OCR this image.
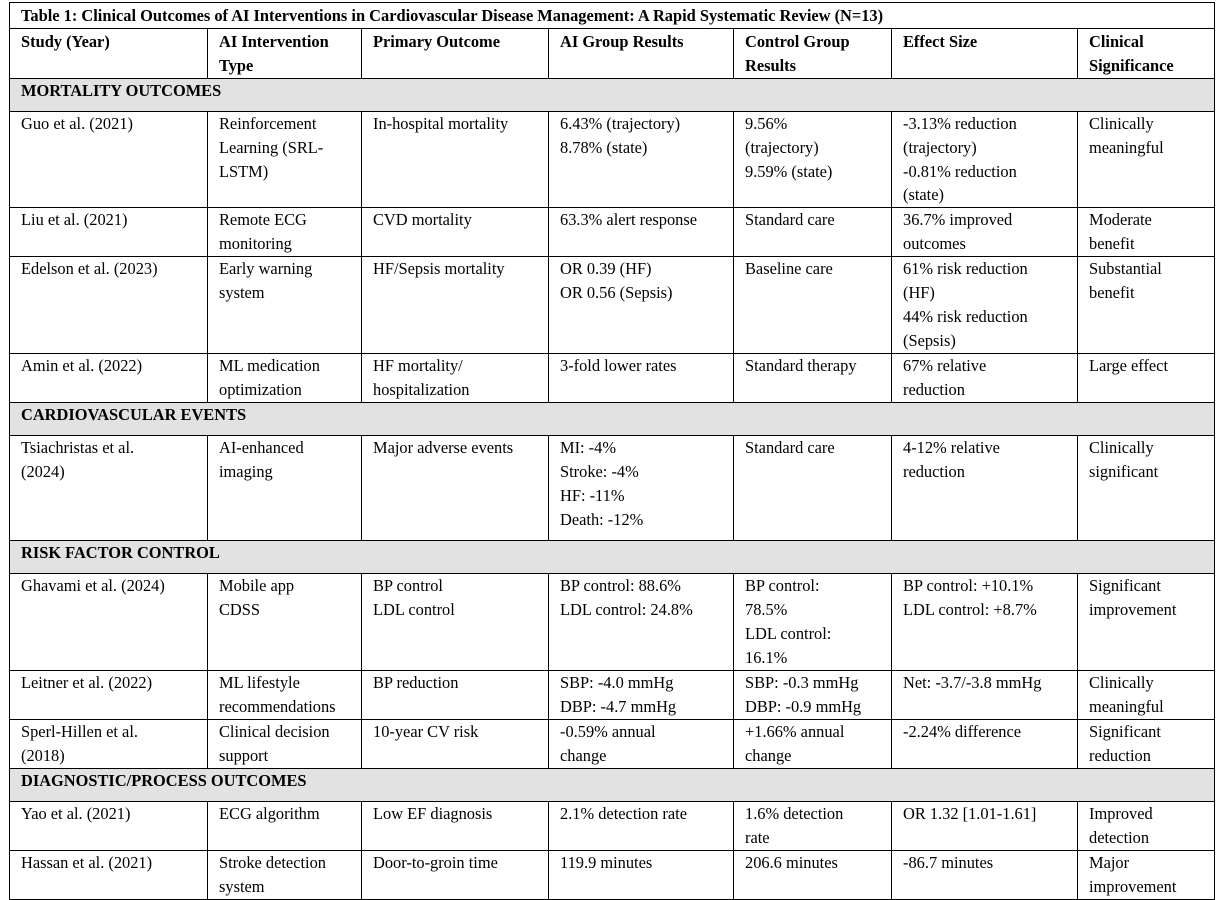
Table 1: Clinical Outcomes of AI Interventions in Cardiovascular Disease Management: A Rapid Systematic Review (N=13)						

Study (Year)	AI Intervention
Type	Primary Outcome	AI Group Results	Control Group
Results	Effect Size	Clinical
Significance

MORTALITY OUTCOMES						

Guo et al. (2021)	Reinforcement
Learning (SRL-
LSTM)	In-hospital mortality	6.43% (trajectory)
8.78% (state)	9.56%
(trajectory)
9.59% (state)	-3.13% reduction
(trajectory)
-0.81% reduction
(state)	Clinically
meaningful

Liu et al. (2021)	Remote ECG
monitoring	CVD mortality	63.3% alert response	Standard care	36.7% improved
outcomes	Moderate
benefit

Edelson et al. (2023)	Early warning
system	HF/Sepsis mortality	OR 0.39 (HF)
OR 0.56 (Sepsis)	Baseline care	61% risk reduction
(HF)
44% risk reduction
(Sepsis)	Substantial
benefit

Amin et al. (2022)	ML medication
optimization	HF mortality/
hospitalization	3-fold lower rates	Standard therapy	67% relative
reduction	Large effect

CARDIOVASCULAR EVENTS						

Tsiachristas et al.
(2024)	AI-enhanced
imaging	Major adverse events	MI: -4%
Stroke: -4%
HF: -11%
Death: -12%	Standard care	4-12% relative
reduction	Clinically
significant

RISK FACTOR CONTROL						

Ghavami et al. (2024)	Mobile app
CDSS	BP control
LDL control	BP control: 88.6%
LDL control: 24.8%	BP control:
78.5%
LDL control:
16.1%	BP control: +10.1%
LDL control: +8.7%	Significant
improvement

Leitner et al. (2022)	ML lifestyle
recommendations	BP reduction	SBP: -4.0 mmHg
DBP: -4.7 mmHg	SBP: -0.3 mmHg
DBP: -0.9 mmHg	Net: -3.7/-3.8 mmHg	Clinically
meaningful

Sperl-Hillen et al.
(2018)	Clinical decision
support	10-year CV risk	-0.59% annual
change	+1.66% annual
change	-2.24% difference	Significant
reduction

DIAGNOSTIC/PROCESS OUTCOMES						

Yao et al. (2021)	ECG algorithm	Low EF diagnosis	2.1% detection rate	1.6% detection
rate	OR 1.32 [1.01-1.61]	Improved
detection

Hassan et al. (2021)	Stroke detection
system	Door-to-groin time	119.9 minutes	206.6 minutes	-86.7 minutes	Major
improvement
